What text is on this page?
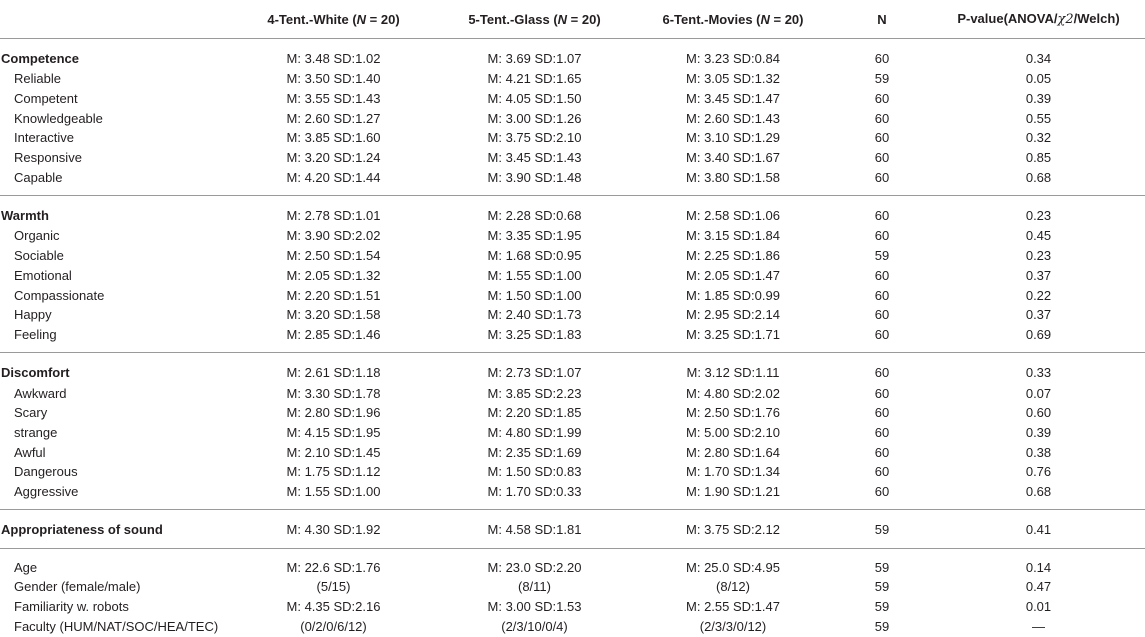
	4-Tent.-White (N = 20)	5-Tent.-Glass (N = 20)	6-Tent.-Movies (N = 20)	N	P-value(ANOVA/χ2/Welch)

Competence	M: 3.48 SD:1.02	M: 3.69 SD:1.07	M: 3.23 SD:0.84	60	0.34
Reliable	M: 3.50 SD:1.40	M: 4.21 SD:1.65	M: 3.05 SD:1.32	59	0.05
Competent	M: 3.55 SD:1.43	M: 4.05 SD:1.50	M: 3.45 SD:1.47	60	0.39
Knowledgeable	M: 2.60 SD:1.27	M: 3.00 SD:1.26	M: 2.60 SD:1.43	60	0.55
Interactive	M: 3.85 SD:1.60	M: 3.75 SD:2.10	M: 3.10 SD:1.29	60	0.32
Responsive	M: 3.20 SD:1.24	M: 3.45 SD:1.43	M: 3.40 SD:1.67	60	0.85
Capable	M: 4.20 SD:1.44	M: 3.90 SD:1.48	M: 3.80 SD:1.58	60	0.68

Warmth	M: 2.78 SD:1.01	M: 2.28 SD:0.68	M: 2.58 SD:1.06	60	0.23
Organic	M: 3.90 SD:2.02	M: 3.35 SD:1.95	M: 3.15 SD:1.84	60	0.45
Sociable	M: 2.50 SD:1.54	M: 1.68 SD:0.95	M: 2.25 SD:1.86	59	0.23
Emotional	M: 2.05 SD:1.32	M: 1.55 SD:1.00	M: 2.05 SD:1.47	60	0.37
Compassionate	M: 2.20 SD:1.51	M: 1.50 SD:1.00	M: 1.85 SD:0.99	60	0.22
Happy	M: 3.20 SD:1.58	M: 2.40 SD:1.73	M: 2.95 SD:2.14	60	0.37
Feeling	M: 2.85 SD:1.46	M: 3.25 SD:1.83	M: 3.25 SD:1.71	60	0.69

Discomfort	M: 2.61 SD:1.18	M: 2.73 SD:1.07	M: 3.12 SD:1.11	60	0.33
Awkward	M: 3.30 SD:1.78	M: 3.85 SD:2.23	M: 4.80 SD:2.02	60	0.07
Scary	M: 2.80 SD:1.96	M: 2.20 SD:1.85	M: 2.50 SD:1.76	60	0.60
strange	M: 4.15 SD:1.95	M: 4.80 SD:1.99	M: 5.00 SD:2.10	60	0.39
Awful	M: 2.10 SD:1.45	M: 2.35 SD:1.69	M: 2.80 SD:1.64	60	0.38
Dangerous	M: 1.75 SD:1.12	M: 1.50 SD:0.83	M: 1.70 SD:1.34	60	0.76
Aggressive	M: 1.55 SD:1.00	M: 1.70 SD:0.33	M: 1.90 SD:1.21	60	0.68

Appropriateness of sound	M: 4.30 SD:1.92	M: 4.58 SD:1.81	M: 3.75 SD:2.12	59	0.41

Age	M: 22.6 SD:1.76	M: 23.0 SD:2.20	M: 25.0 SD:4.95	59	0.14
Gender (female/male)	(5/15)	(8/11)	(8/12)	59	0.47
Familiarity w. robots	M: 4.35 SD:2.16	M: 3.00 SD:1.53	M: 2.55 SD:1.47	59	0.01
Faculty (HUM/NAT/SOC/HEA/TEC)	(0/2/0/6/12)	(2/3/10/0/4)	(2/3/3/0/12)	59	—
